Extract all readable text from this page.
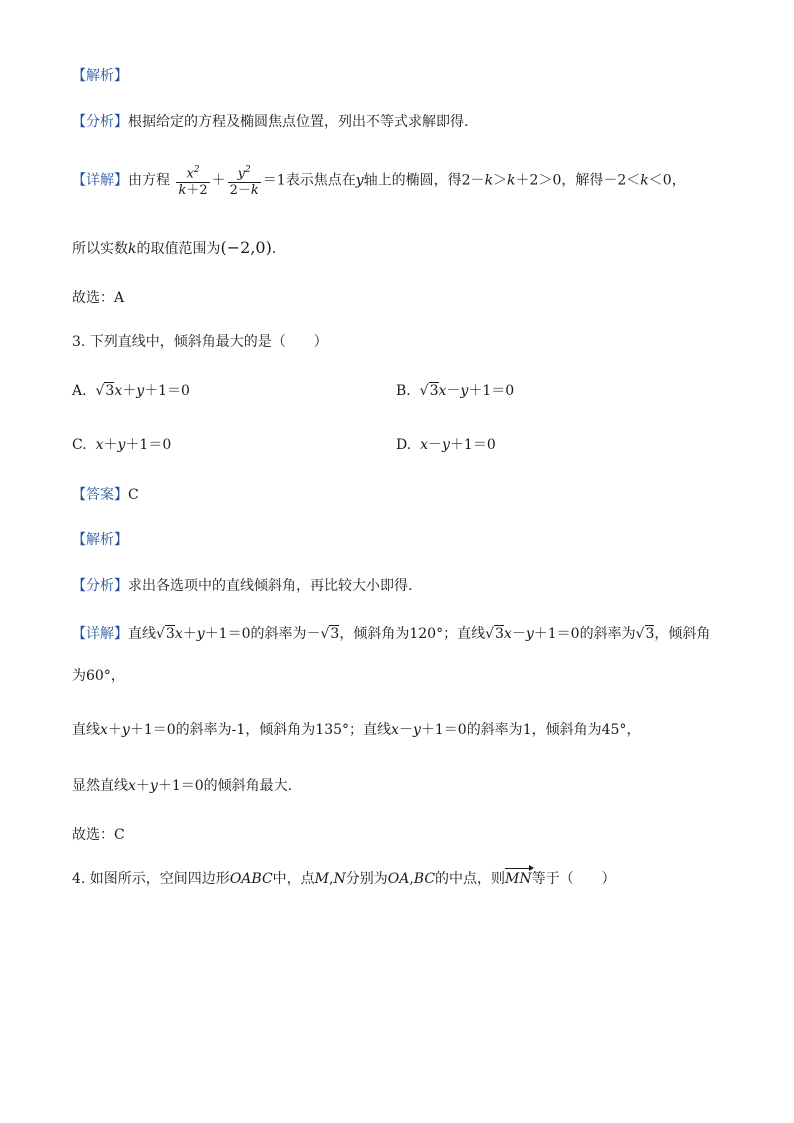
【解析】
【分析】根据给定的方程及椭圆焦点位置，列出不等式求解即得.
【详解】由方程 $\frac{x^2}{k+2} + \frac{y^2}{2-k} =1$表示焦点在y轴上的椭圆，得2－k＞k＋2＞0，解得－2＜k＜0，
所以实数k的取值范围为(−2,0).
故选：A
3. 下列直线中，倾斜角最大的是（　　）
A. √3x＋y＋1＝0	B. √3x－y＋1＝0
C. x＋y＋1＝0	D. x－y＋1＝0
【答案】C
【解析】
【分析】求出各选项中的直线倾斜角，再比较大小即得.
【详解】直线√3x＋y＋1＝0的斜率为－√3，倾斜角为120°；直线√3x－y＋1＝0的斜率为√3，倾斜角
为60°，
直线x＋y＋1＝0的斜率为-1，倾斜角为135°；直线x－y＋1＝0的斜率为1，倾斜角为45°，
显然直线x＋y＋1＝0的倾斜角最大.
故选：C
4. 如图所示，空间四边形OABC中，点M,N分别为OA,BC的中点，则MN等于（　　）
